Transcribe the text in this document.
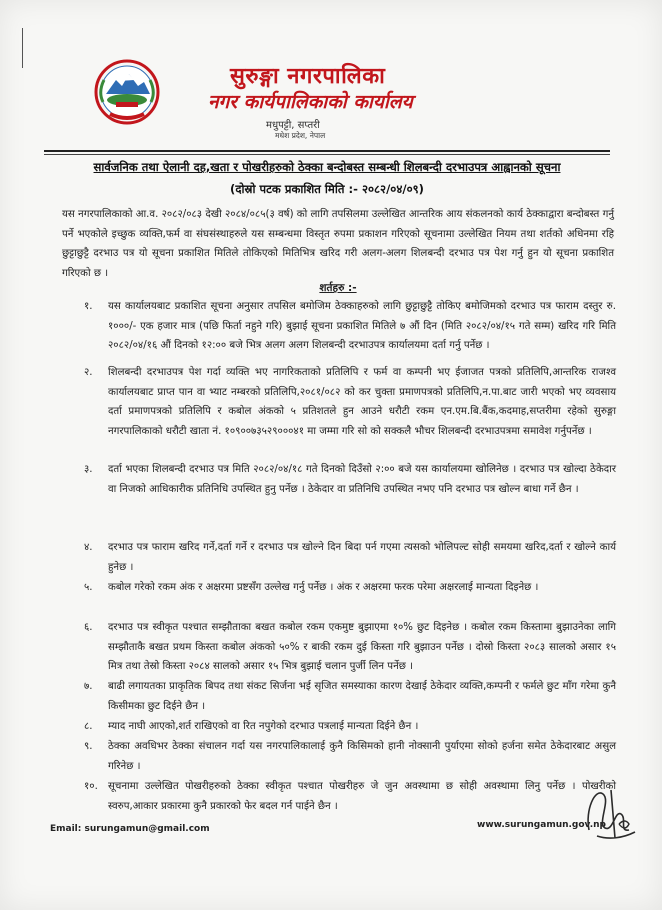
सुरुङ्गा नगरपालिका
नगर कार्यपालिकाको कार्यालय
मधुपट्टी, सप्तरी
मधेश प्रदेश, नेपाल
सार्वजनिक तथा ऐलानी दह,खता र पोखरीहरुको ठेक्का बन्दोबस्त सम्बन्धी शिलबन्दी दरभाउपत्र आह्वानको सूचना
(दोस्रो पटक प्रकाशित मिति :- २०८२/०४/०९)
यस नगरपालिकाको आ.व. २०८२/०८३ देखी २०८४/०८५(३ वर्ष) को लागि तपसिलमा उल्लेखित आन्तरिक आय संकलनको कार्य ठेक्काद्वारा बन्दोबस्त गर्नु पर्ने भएकोले इच्छुक व्यक्ति,फर्म वा संघसंस्थाहरुले यस सम्बन्धमा विस्तृत रुपमा प्रकाशन गरिएको सूचनामा उल्लेखित नियम तथा शर्तको अधिनमा रहि छुट्टाछुट्टै दरभाउ पत्र यो सूचना प्रकाशित मितिले तोकिएको मितिभित्र खरिद गरी अलग-अलग शिलबन्दी दरभाउ पत्र पेश गर्नु हुन यो सूचना प्रकाशित गरिएको छ ।
शर्तहरु :-
१.	यस कार्यालयबाट प्रकाशित सूचना अनुसार तपसिल बमोजिम ठेक्काहरुको लागि छुट्टाछुट्टै तोकिए बमोजिमको दरभाउ पत्र फाराम दस्तुर रु. १०००/- एक हजार मात्र (पछि फिर्ता नहुने गरि) बुझाई सूचना प्रकाशित मितिले ७ औं दिन (मिति २०८२/०४/१५ गते सम्म) खरिद गरि मिति २०८२/०४/१६ औं दिनको १२:०० बजे भित्र अलग अलग शिलबन्दी दरभाउपत्र कार्यालयमा दर्ता गर्नु पर्नेछ ।
२.	शिलबन्दी दरभाउपत्र पेश गर्दा व्यक्ति भए नागरिकताको प्रतिलिपि र फर्म वा कम्पनी भए ईजाजत पत्रको प्रतिलिपि,आन्तरिक राजश्व कार्यालयबाट प्राप्त पान वा भ्याट नम्बरको प्रतिलिपि,२०८१/०८२ को कर चुक्ता प्रमाणपत्रको प्रतिलिपि,न.पा.बाट जारी भएको भए व्यवसाय दर्ता प्रमाणपत्रको प्रतिलिपि र कबोल अंकको ५ प्रतिशतले हुन आउने धरौटी रकम एन.एम.बि.बैंक,कदमाह,सप्तरीमा रहेको सुरुङ्गा नगरपालिकाको धरौटी खाता नं. १०९००७३५२९०००४१ मा जम्मा गरि सो को सक्कलै भौचर शिलबन्दी दरभाउपत्रमा समावेश गर्नुपर्नेछ ।
३.	दर्ता भएका शिलबन्दी दरभाउ पत्र मिति २०८२/०४/१८ गते दिनको दिउँसो २:०० बजे यस कार्यालयमा खोलिनेछ । दरभाउ पत्र खोल्दा ठेकेदार वा निजको आधिकारीक प्रतिनिधि उपस्थित हुनु पर्नेछ । ठेकेदार वा प्रतिनिधि उपस्थित नभए पनि दरभाउ पत्र खोल्न बाधा गर्ने छैन ।
४.	दरभाउ पत्र फाराम खरिद गर्ने,दर्ता गर्ने र दरभाउ पत्र खोल्ने दिन बिदा पर्न गएमा त्यसको भोलिपल्ट सोही समयमा खरिद,दर्ता र खोल्ने कार्य हुनेछ ।
५.	कबोल गरेको रकम अंक र अक्षरमा प्रष्टसँग उल्लेख गर्नु पर्नेछ । अंक र अक्षरमा फरक परेमा अक्षरलाई मान्यता दिइनेछ ।
६.	दरभाउ पत्र स्वीकृत पश्चात सम्झौताका बखत कबोल रकम एकमुष्ट बुझाएमा १०% छुट दिइनेछ । कबोल रकम किस्तामा बुझाउनेका लागि सम्झौताकै बखत प्रथम किस्ता कबोल अंकको ५०% र बाकी रकम दुई किस्ता गरि बुझाउन पर्नेछ । दोस्रो किस्ता २०८३ सालको असार १५ मित्र तथा तेस्रो किस्ता २०८४ सालको असार १५ भित्र बुझाई चलान पुर्जी लिन पर्नेछ ।
७.	बाढी लगायतका प्राकृतिक बिपद तथा संकट सिर्जना भई सृजित समस्याका कारण देखाई ठेकेदार व्यक्ति,कम्पनी र फर्मले छुट माँग गरेमा कुनै किसीमका छुट दिईने छैन ।
८.	म्याद नाघी आएको,शर्त राखिएको वा रित नपुगेको दरभाउ पत्रलाई मान्यता दिईने छैन ।
९.	ठेक्का अवधिभर ठेक्का संचालन गर्दा यस नगरपालिकालाई कुनै किसिमको हानी नोक्सानी पुर्याएमा सोको हर्जना समेत ठेकेदारबाट असुल गरिनेछ ।
१०. सूचनामा उल्लेखित पोखरीहरुको ठेक्का स्वीकृत पश्चात पोखरीहरु जे जुन अवस्थामा छ सोही अवस्थामा लिनु पर्नेछ । पोखरीको स्वरुप,आकार प्रकारमा कुनै प्रकारको फेर बदल गर्न पाईने छैन ।
Email: surungamun@gmail.com	www.surungamun.gov.np
